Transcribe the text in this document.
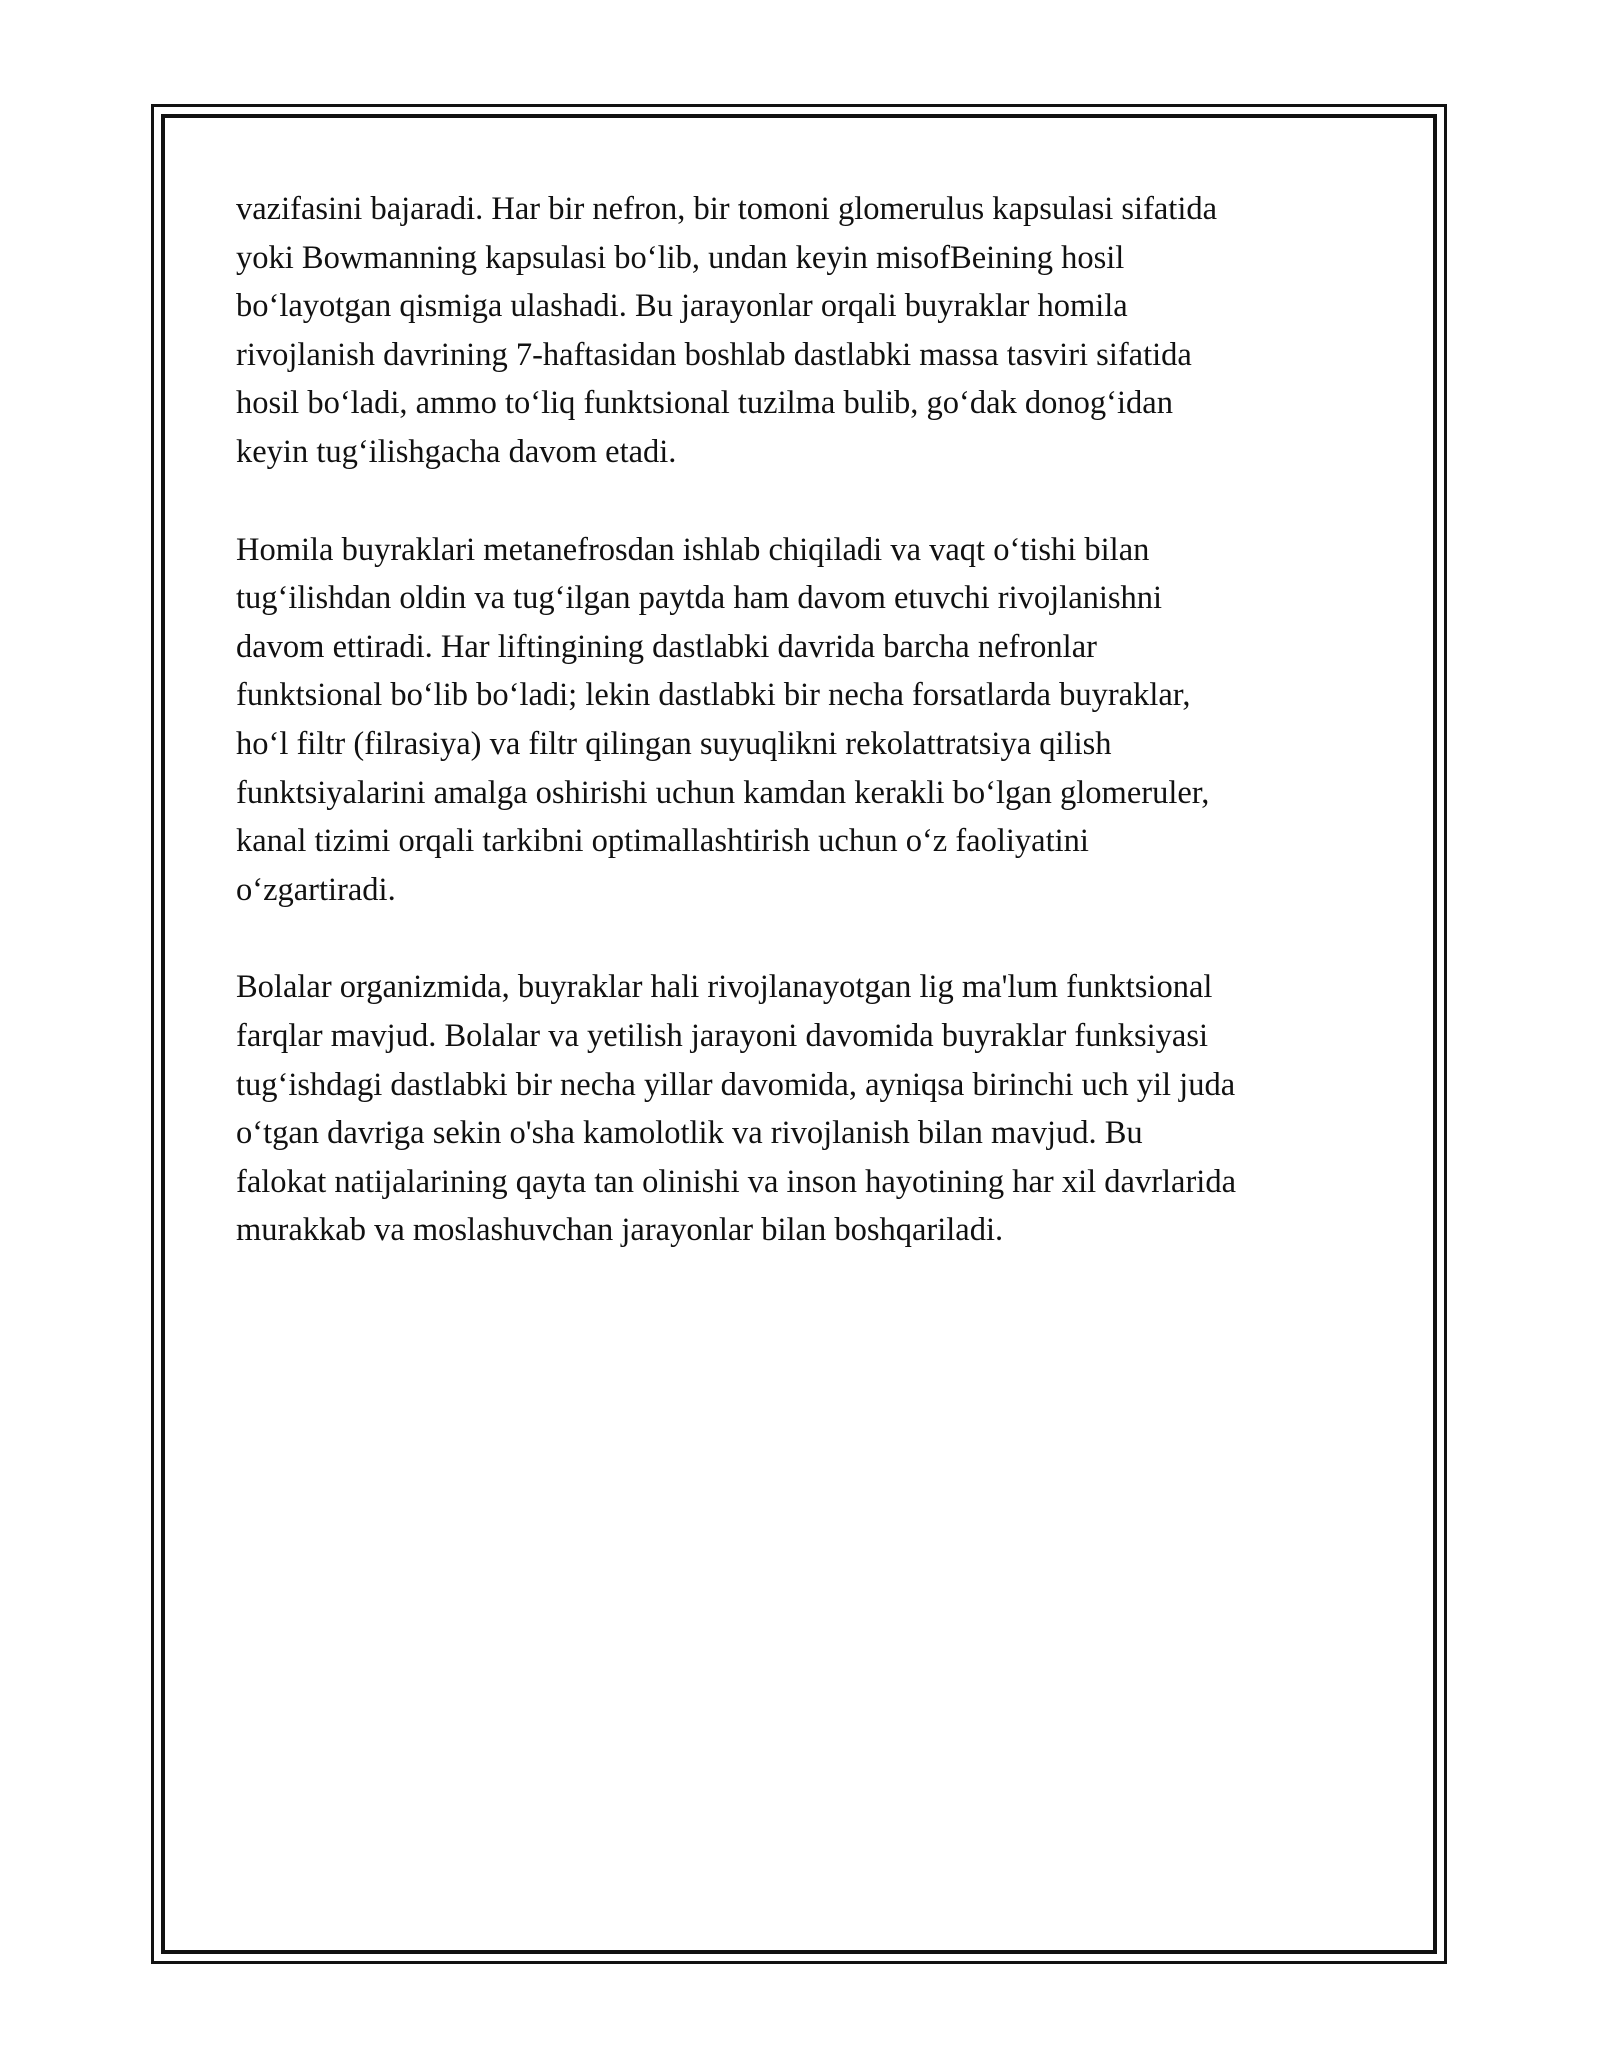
vazifasini bajaradi. Har bir nefron, bir tomoni glomerulus kapsulasi sifatida
yoki Bowmanning kapsulasi bo‘lib, undan keyin misofBeining hosil
bo‘layotgan qismiga ulashadi. Bu jarayonlar orqali buyraklar homila
rivojlanish davrining 7-haftasidan boshlab dastlabki massa tasviri sifatida
hosil bo‘ladi, ammo to‘liq funktsional tuzilma bulib, go‘dak donog‘idan
keyin tug‘ilishgacha davom etadi.

Homila buyraklari metanefrosdan ishlab chiqiladi va vaqt o‘tishi bilan
tug‘ilishdan oldin va tug‘ilgan paytda ham davom etuvchi rivojlanishni
davom ettiradi. Har liftingining dastlabki davrida barcha nefronlar
funktsional bo‘lib bo‘ladi; lekin dastlabki bir necha forsatlarda buyraklar,
ho‘l filtr (filrasiya) va filtr qilingan suyuqlikni rekolattratsiya qilish
funktsiyalarini amalga oshirishi uchun kamdan kerakli bo‘lgan glomeruler,
kanal tizimi orqali tarkibni optimallashtirish uchun o‘z faoliyatini
o‘zgartiradi.

Bolalar organizmida, buyraklar hali rivojlanayotgan lig ma'lum funktsional
farqlar mavjud. Bolalar va yetilish jarayoni davomida buyraklar funksiyasi
tug‘ishdagi dastlabki bir necha yillar davomida, ayniqsa birinchi uch yil juda
o‘tgan davriga sekin o'sha kamolotlik va rivojlanish bilan mavjud. Bu
falokat natijalarining qayta tan olinishi va inson hayotining har xil davrlarida
murakkab va moslashuvchan jarayonlar bilan boshqariladi.
